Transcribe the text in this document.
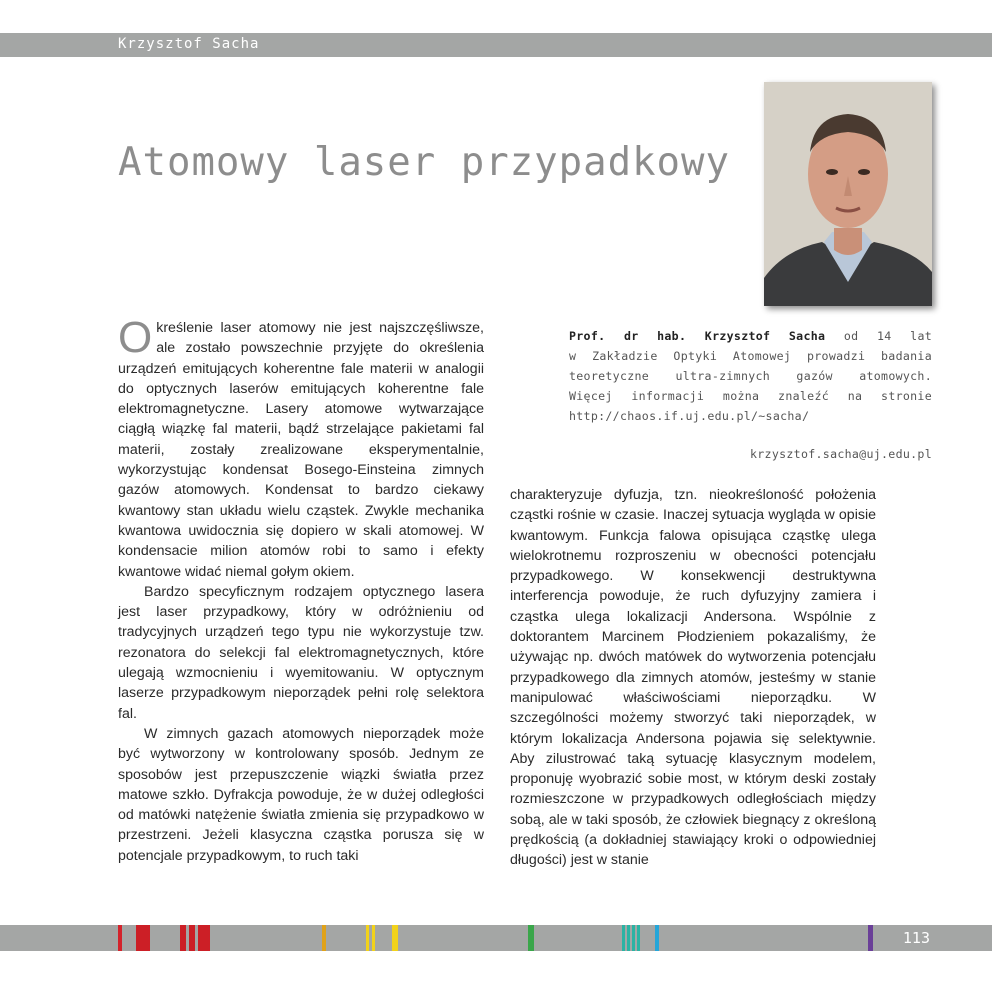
Krzysztof Sacha
Atomowy laser przypadkowy
Prof. dr hab. Krzysztof Sacha od 14 lat
w Zakładzie Optyki Atomowej prowadzi badania
teoretyczne ultra-zimnych gazów atomowych.
Więcej informacji można znaleźć na stronie
http://chaos.if.uj.edu.pl/~sacha/
krzysztof.sacha@uj.edu.pl

Określenie laser atomowy nie jest najszczęśliwsze, ale zostało powszechnie przyjęte do określenia urządzeń emitujących koherentne fale materii w analogii do optycznych laserów emitujących koherentne fale elektromagnetyczne. Lasery atomowe wytwarzające ciągłą wiązkę fal materii, bądź strzelające pakietami fal materii, zostały zrealizowane eksperymentalnie, wykorzystując kondensat Bosego-Einsteina zimnych gazów atomowych. Kondensat to bardzo ciekawy kwantowy stan układu wielu cząstek. Zwykle mechanika kwantowa uwidocznia się dopiero w skali atomowej. W kondensacie milion atomów robi to samo i efekty kwantowe widać niemal gołym okiem.

Bardzo specyficznym rodzajem optycznego lasera jest laser przypadkowy, który w odróżnieniu od tradycyjnych urządzeń tego typu nie wykorzystuje tzw. rezonatora do selekcji fal elektromagnetycznych, które ulegają wzmocnieniu i wyemitowaniu. W optycznym laserze przypadkowym nieporządek pełni rolę selektora fal.

W zimnych gazach atomowych nieporządek może być wytworzony w kontrolowany sposób. Jednym ze sposobów jest przepuszczenie wiązki światła przez matowe szkło. Dyfrakcja powoduje, że w dużej odległości od matówki natężenie światła zmienia się przypadkowo w przestrzeni. Jeżeli klasyczna cząstka porusza się w potencjale przypadkowym, to ruch taki

charakteryzuje dyfuzja, tzn. nieokreśloność położenia cząstki rośnie w czasie. Inaczej sytuacja wygląda w opisie kwantowym. Funkcja falowa opisująca cząstkę ulega wielokrotnemu rozproszeniu w obecności potencjału przypadkowego. W konsekwencji destruktywna interferencja powoduje, że ruch dyfuzyjny zamiera i cząstka ulega lokalizacji Andersona. Wspólnie z doktorantem Marcinem Płodzieniem pokazaliśmy, że używając np. dwóch matówek do wytworzenia potencjału przypadkowego dla zimnych atomów, jesteśmy w stanie manipulować właściwościami nieporządku. W szczególności możemy stworzyć taki nieporządek, w którym lokalizacja Andersona pojawia się selektywnie. Aby zilustrować taką sytuację klasycznym modelem, proponuję wyobrazić sobie most, w którym deski zostały rozmieszczone w przypadkowych odległościach między sobą, ale w taki sposób, że człowiek biegnący z określoną prędkością (a dokładniej stawiający kroki o odpowiedniej długości) jest w stanie

113
